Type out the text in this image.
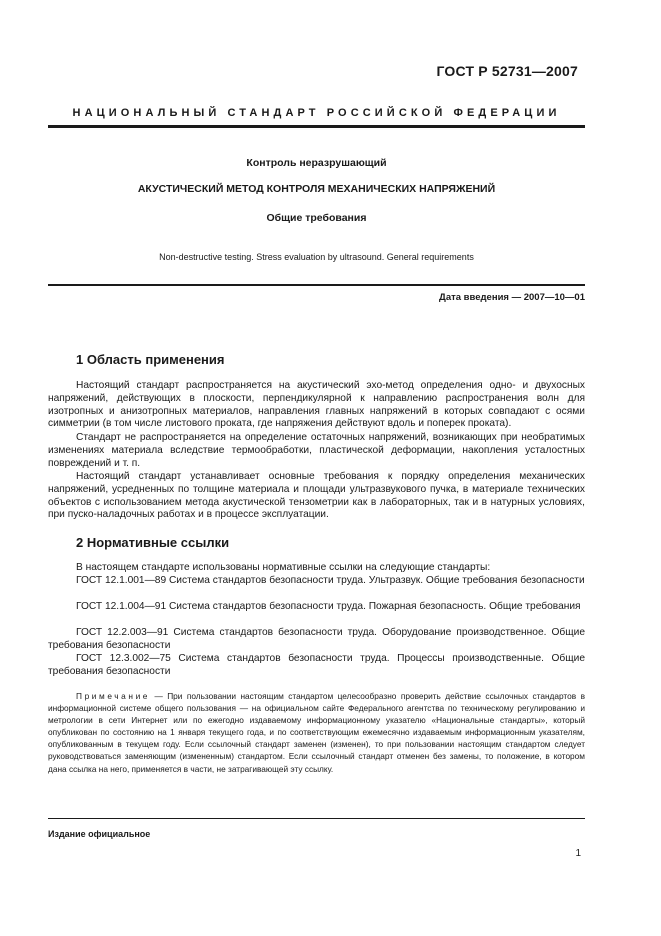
ГОСТ Р 52731—2007
НАЦИОНАЛЬНЫЙ СТАНДАРТ РОССИЙСКОЙ ФЕДЕРАЦИИ
Контроль неразрушающий
АКУСТИЧЕСКИЙ МЕТОД КОНТРОЛЯ МЕХАНИЧЕСКИХ НАПРЯЖЕНИЙ
Общие требования
Non-destructive testing. Stress evaluation by ultrasound. General requirements
Дата введения — 2007—10—01
1 Область применения

Настоящий стандарт распространяется на акустический эхо-метод определения одно- и двухосных напряжений, действующих в плоскости, перпендикулярной к направлению распространения волн для изотропных и анизотропных материалов, направления главных напряжений в которых совпадают с осями симметрии (в том числе листового проката, где напряжения действуют вдоль и поперек проката).

Стандарт не распространяется на определение остаточных напряжений, возникающих при необратимых изменениях материала вследствие термообработки, пластической деформации, накопления усталостных повреждений и т. п.

Настоящий стандарт устанавливает основные требования к порядку определения механических напряжений, усредненных по толщине материала и площади ультразвукового пучка, в материале технических объектов с использованием метода акустической тензометрии как в лабораторных, так и в натурных условиях, при пуско-наладочных работах и в процессе эксплуатации.

2 Нормативные ссылки

В настоящем стандарте использованы нормативные ссылки на следующие стандарты:

ГОСТ 12.1.001—89 Система стандартов безопасности труда. Ультразвук. Общие требования безопасности

ГОСТ 12.1.004—91 Система стандартов безопасности труда. Пожарная безопасность. Общие требования

ГОСТ 12.2.003—91 Система стандартов безопасности труда. Оборудование производственное. Общие требования безопасности

ГОСТ 12.3.002—75 Система стандартов безопасности труда. Процессы производственные. Общие требования безопасности

Примечание — При пользовании настоящим стандартом целесообразно проверить действие ссылочных стандартов в информационной системе общего пользования — на официальном сайте Федерального агентства по техническому регулированию и метрологии в сети Интернет или по ежегодно издаваемому информационному указателю «Национальные стандарты», который опубликован по состоянию на 1 января текущего года, и по соответствующим ежемесячно издаваемым информационным указателям, опубликованным в текущем году. Если ссылочный стандарт заменен (изменен), то при пользовании настоящим стандартом следует руководствоваться заменяющим (измененным) стандартом. Если ссылочный стандарт отменен без замены, то положение, в котором дана ссылка на него, применяется в части, не затрагивающей эту ссылку.

Издание официальное
1
